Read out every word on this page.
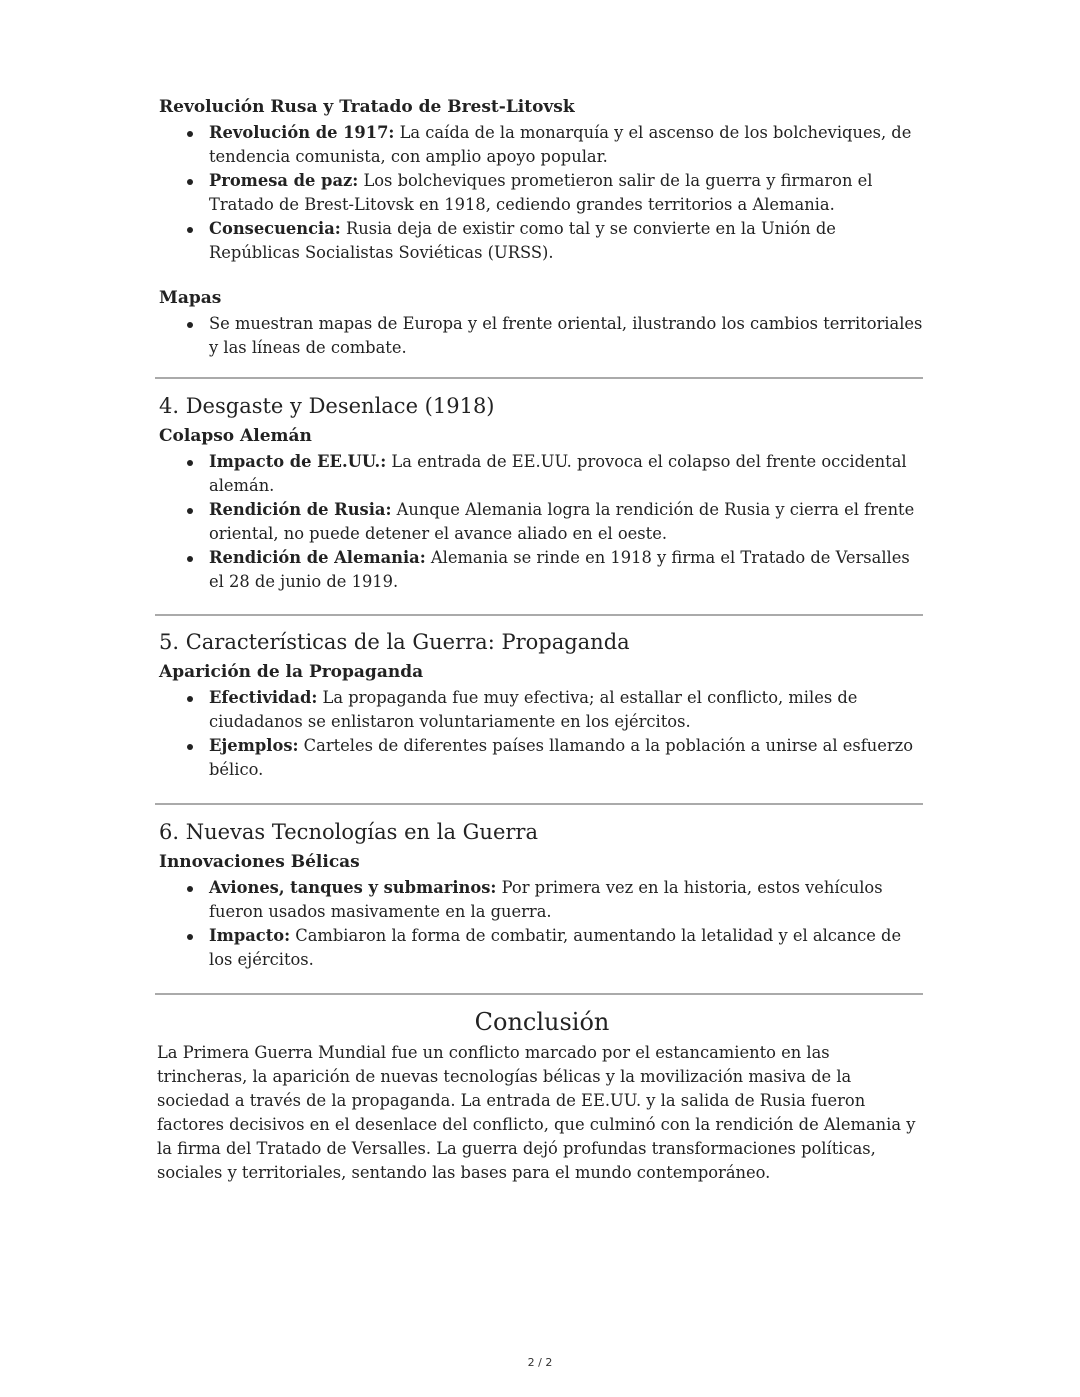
Revolución Rusa y Tratado de Brest-Litovsk
Revolución de 1917: La caída de la monarquía y el ascenso de los bolcheviques, de tendencia comunista, con amplio apoyo popular.
Promesa de paz: Los bolcheviques prometieron salir de la guerra y firmaron el Tratado de Brest-Litovsk en 1918, cediendo grandes territorios a Alemania.
Consecuencia: Rusia deja de existir como tal y se convierte en la Unión de Repúblicas Socialistas Soviéticas (URSS).
Mapas
Se muestran mapas de Europa y el frente oriental, ilustrando los cambios territoriales y las líneas de combate.
4. Desgaste y Desenlace (1918)
Colapso Alemán
Impacto de EE.UU.: La entrada de EE.UU. provoca el colapso del frente occidental alemán.
Rendición de Rusia: Aunque Alemania logra la rendición de Rusia y cierra el frente oriental, no puede detener el avance aliado en el oeste.
Rendición de Alemania: Alemania se rinde en 1918 y firma el Tratado de Versalles el 28 de junio de 1919.
5. Características de la Guerra: Propaganda
Aparición de la Propaganda
Efectividad: La propaganda fue muy efectiva; al estallar el conflicto, miles de ciudadanos se enlistaron voluntariamente en los ejércitos.
Ejemplos: Carteles de diferentes países llamando a la población a unirse al esfuerzo bélico.
6. Nuevas Tecnologías en la Guerra
Innovaciones Bélicas
Aviones, tanques y submarinos: Por primera vez en la historia, estos vehículos fueron usados masivamente en la guerra.
Impacto: Cambiaron la forma de combatir, aumentando la letalidad y el alcance de los ejércitos.
Conclusión

La Primera Guerra Mundial fue un conflicto marcado por el estancamiento en las trincheras, la aparición de nuevas tecnologías bélicas y la movilización masiva de la sociedad a través de la propaganda. La entrada de EE.UU. y la salida de Rusia fueron factores decisivos en el desenlace del conflicto, que culminó con la rendición de Alemania y la firma del Tratado de Versalles. La guerra dejó profundas transformaciones políticas, sociales y territoriales, sentando las bases para el mundo contemporáneo.

2 / 2
